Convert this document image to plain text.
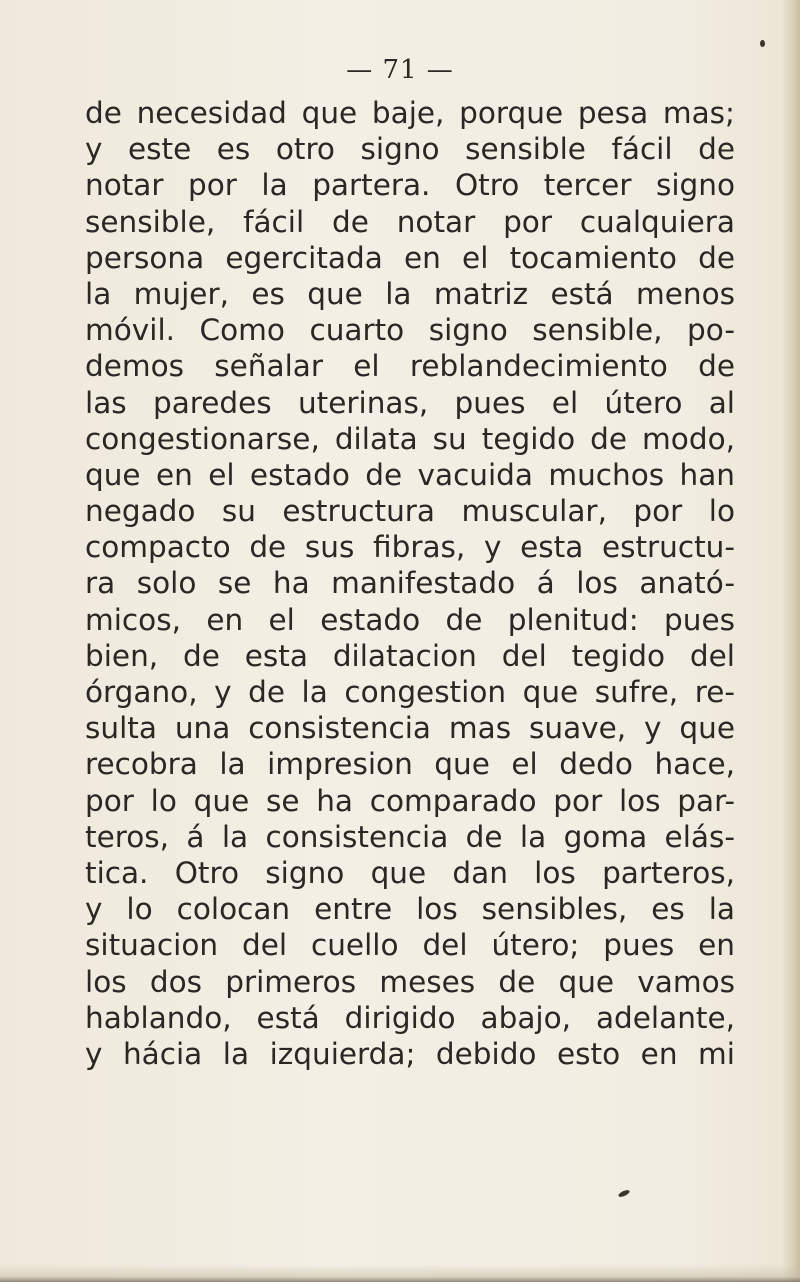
— 71 —
de necesidad que baje, porque pesa mas;
y este es otro signo sensible fácil de
notar por la partera. Otro tercer signo
sensible, fácil de notar por cualquiera
persona egercitada en el tocamiento de
la mujer, es que la matriz está menos
móvil. Como cuarto signo sensible, po-
demos señalar el reblandecimiento de
las paredes uterinas, pues el útero al
congestionarse, dilata su tegido de modo,
que en el estado de vacuida muchos han
negado su estructura muscular, por lo
compacto de sus fibras, y esta estructu-
ra solo se ha manifestado á los anató-
micos, en el estado de plenitud: pues
bien, de esta dilatacion del tegido del
órgano, y de la congestion que sufre, re-
sulta una consistencia mas suave, y que
recobra la impresion que el dedo hace,
por lo que se ha comparado por los par-
teros, á la consistencia de la goma elás-
tica. Otro signo que dan los parteros,
y lo colocan entre los sensibles, es la
situacion del cuello del útero; pues en
los dos primeros meses de que vamos
hablando, está dirigido abajo, adelante,
y hácia la izquierda; debido esto en mi
